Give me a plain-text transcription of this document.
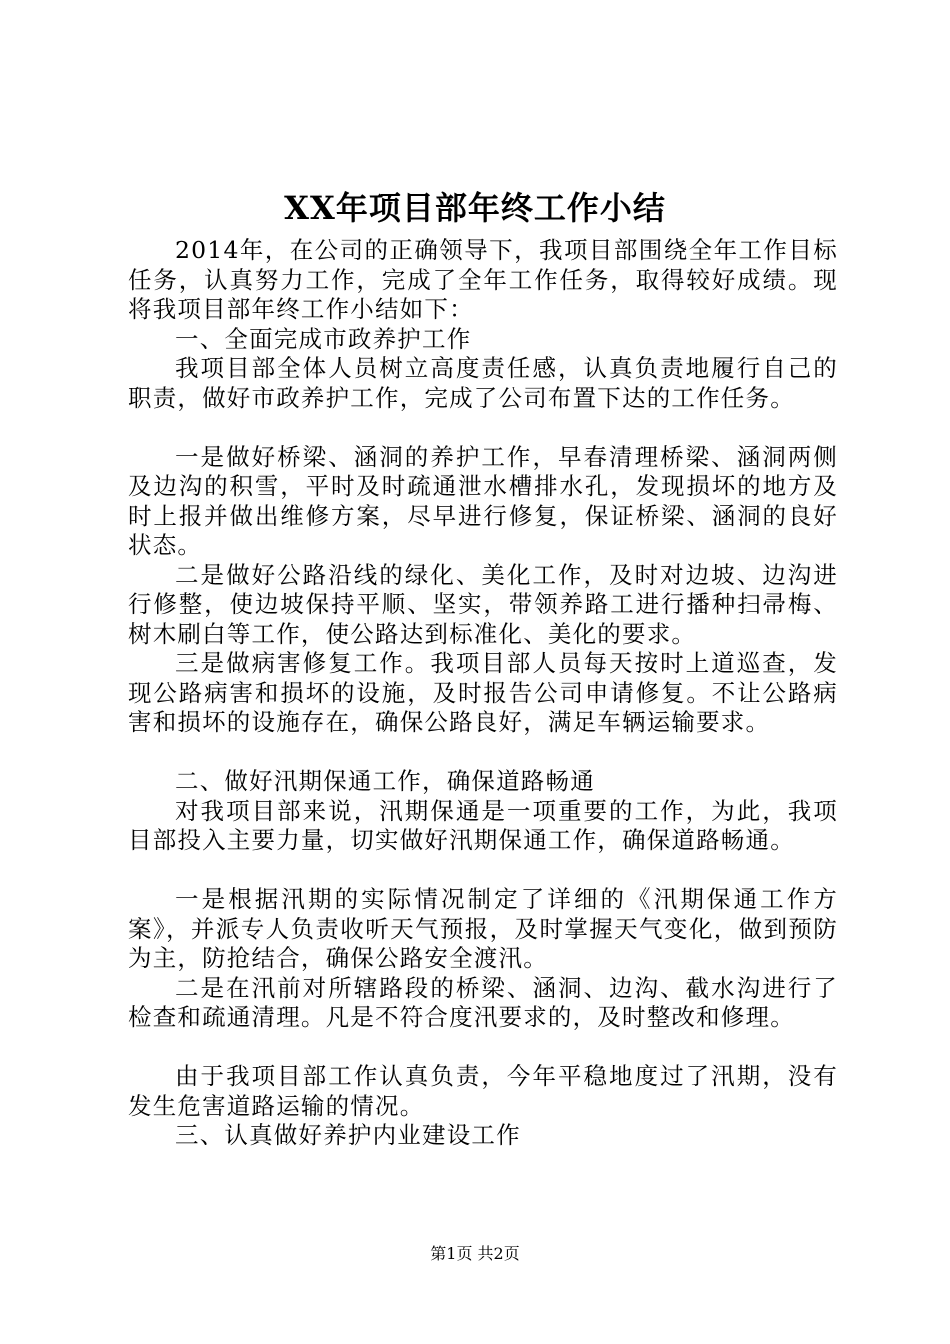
XX年项目部年终工作小结

2014年，在公司的正确领导下，我项目部围绕全年工作目标任务，认真努力工作，完成了全年工作任务，取得较好成绩。现将我项目部年终工作小结如下：

一、全面完成市政养护工作

我项目部全体人员树立高度责任感，认真负责地履行自己的职责，做好市政养护工作，完成了公司布置下达的工作任务。

一是做好桥梁、涵洞的养护工作，早春清理桥梁、涵洞两侧及边沟的积雪，平时及时疏通泄水槽排水孔，发现损坏的地方及时上报并做出维修方案，尽早进行修复，保证桥梁、涵洞的良好状态。

二是做好公路沿线的绿化、美化工作，及时对边坡、边沟进行修整，使边坡保持平顺、坚实，带领养路工进行播种扫帚梅、树木刷白等工作，使公路达到标准化、美化的要求。

三是做病害修复工作。我项目部人员每天按时上道巡查，发现公路病害和损坏的设施，及时报告公司申请修复。不让公路病害和损坏的设施存在，确保公路良好，满足车辆运输要求。

二、做好汛期保通工作，确保道路畅通

对我项目部来说，汛期保通是一项重要的工作，为此，我项目部投入主要力量，切实做好汛期保通工作，确保道路畅通。

一是根据汛期的实际情况制定了详细的《汛期保通工作方案》，并派专人负责收听天气预报，及时掌握天气变化，做到预防为主，防抢结合，确保公路安全渡汛。

二是在汛前对所辖路段的桥梁、涵洞、边沟、截水沟进行了检查和疏通清理。凡是不符合度汛要求的，及时整改和修理。

由于我项目部工作认真负责，今年平稳地度过了汛期，没有发生危害道路运输的情况。

三、认真做好养护内业建设工作

第1页 共2页
